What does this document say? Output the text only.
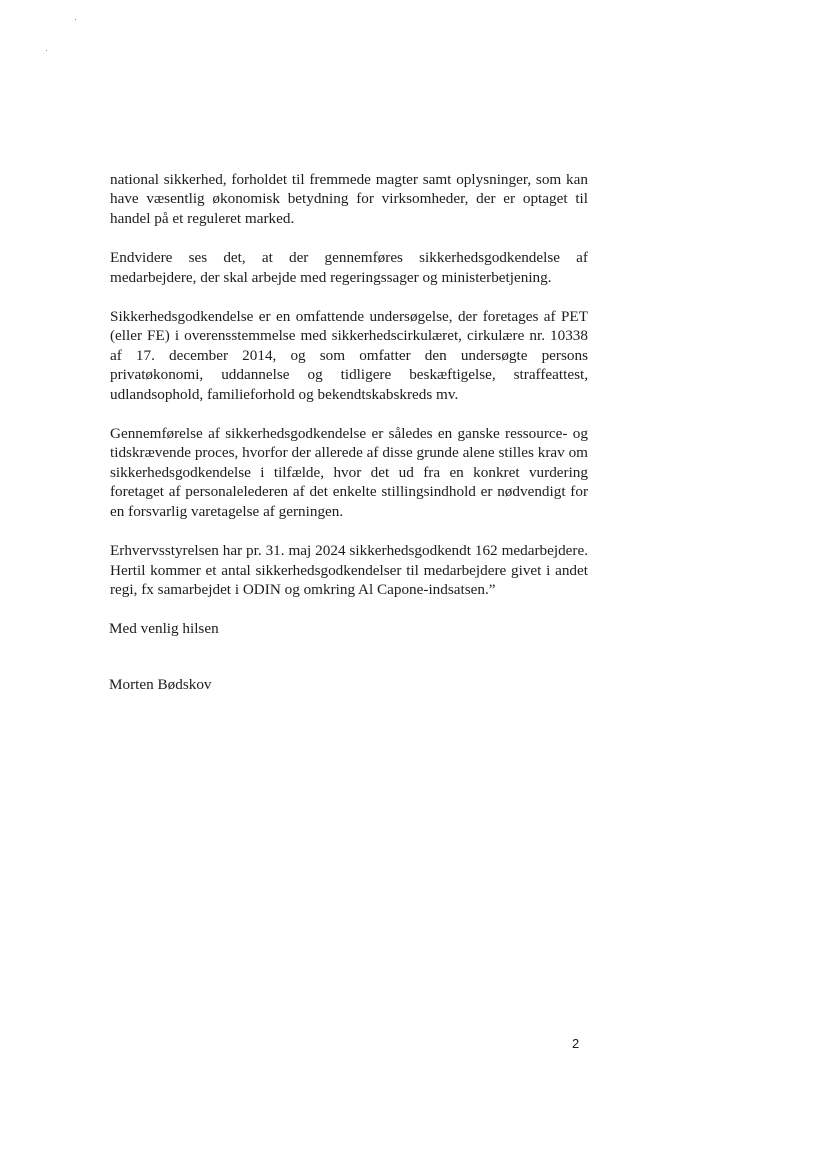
national sikkerhed, forholdet til fremmede magter samt oplysninger, som kan have væsentlig økonomisk betydning for virksomheder, der er optaget til handel på et reguleret marked.

Endvidere ses det, at der gennemføres sikkerhedsgodkendelse af medarbejdere, der skal arbejde med regeringssager og ministerbetjening.

Sikkerhedsgodkendelse er en omfattende undersøgelse, der foretages af PET (eller FE) i overensstemmelse med sikkerhedscirkulæret, cirkulære nr. 10338 af 17. december 2014, og som omfatter den undersøgte persons privatøkonomi, uddannelse og tidligere beskæftigelse, straffeattest, udlandsophold, familieforhold og bekendtskabskreds mv.

Gennemførelse af sikkerhedsgodkendelse er således en ganske ressource- og tidskrævende proces, hvorfor der allerede af disse grunde alene stilles krav om sikkerhedsgodkendelse i tilfælde, hvor det ud fra en konkret vurdering foretaget af personalelederen af det enkelte stillingsindhold er nødvendigt for en forsvarlig varetagelse af gerningen.

Erhvervsstyrelsen har pr. 31. maj 2024 sikkerhedsgodkendt 162 medarbejdere. Hertil kommer et antal sikkerhedsgodkendelser til medarbejdere givet i andet regi, fx samarbejdet i ODIN og omkring Al Capone-indsatsen.”

Med venlig hilsen
Morten Bødskov
2
